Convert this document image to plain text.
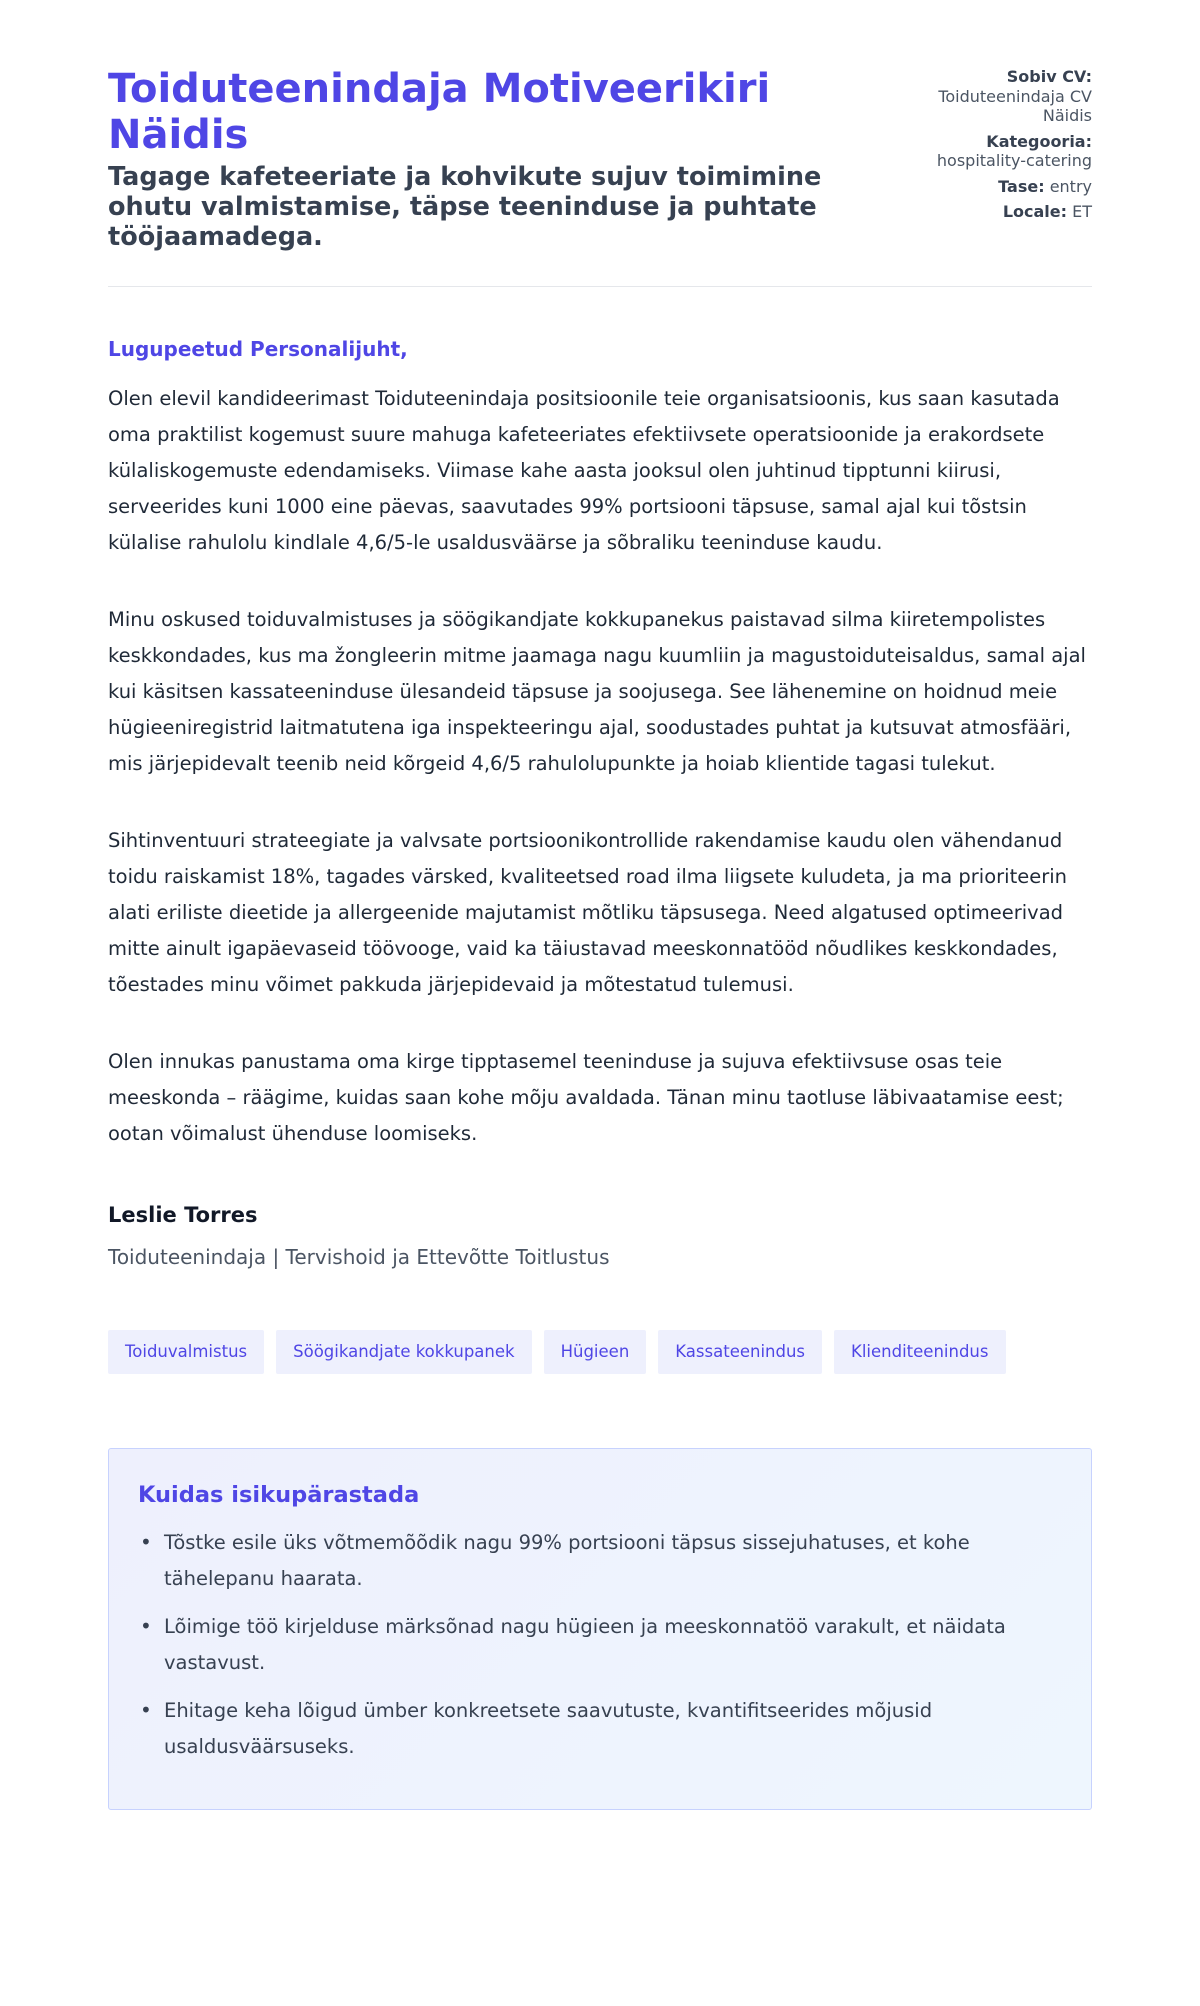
Toiduteenindaja Motiveerikiri Näidis
Tagage kafeteeriate ja kohvikute sujuv toimimine ohutu valmistamise, täpse teeninduse ja puhtate tööjaamadega.
Sobiv CV:
Toiduteenindaja CV Näidis
Kategooria:
hospitality-catering
Tase: entry
Locale: ET

Lugupeetud Personalijuht,

Olen elevil kandideerimast Toiduteenindaja positsioonile teie organisatsioonis, kus saan kasutada oma praktilist kogemust suure mahuga kafeteeriates efektiivsete operatsioonide ja erakordsete külaliskogemuste edendamiseks. Viimase kahe aasta jooksul olen juhtinud tipptunni kiirusi, serveerides kuni 1000 eine päevas, saavutades 99% portsiooni täpsuse, samal ajal kui tõstsin külalise rahulolu kindlale 4,6/5-le usaldusväärse ja sõbraliku teeninduse kaudu.

Minu oskused toiduvalmistuses ja söögikandjate kokkupanekus paistavad silma kiiretempolistes keskkondades, kus ma žongleerin mitme jaamaga nagu kuumliin ja magustoiduteisaldus, samal ajal kui käsitsen kassateeninduse ülesandeid täpsuse ja soojusega. See lähenemine on hoidnud meie hügieeniregistrid laitmatutena iga inspekteeringu ajal, soodustades puhtat ja kutsuvat atmosfääri, mis järjepidevalt teenib neid kõrgeid 4,6/5 rahulolupunkte ja hoiab klientide tagasi tulekut.

Sihtinventuuri strateegiate ja valvsate portsioonikontrollide rakendamise kaudu olen vähendanud toidu raiskamist 18%, tagades värsked, kvaliteetsed road ilma liigsete kuludeta, ja ma prioriteerin alati eriliste dieetide ja allergeenide majutamist mõtliku täpsusega. Need algatused optimeerivad mitte ainult igapäevaseid töövooge, vaid ka täiustavad meeskonnatööd nõudlikes keskkondades, tõestades minu võimet pakkuda järjepidevaid ja mõtestatud tulemusi.

Olen innukas panustama oma kirge tipptasemel teeninduse ja sujuva efektiivsuse osas teie meeskonda – räägime, kuidas saan kohe mõju avaldada. Tänan minu taotluse läbivaatamise eest; ootan võimalust ühenduse loomiseks.

Leslie Torres
Toiduteenindaja | Tervishoid ja Ettevõtte Toitlustus
Toiduvalmistus	Söögikandjate kokkupanek	Hügieen	Kassateenindus	Klienditeenindus
Kuidas isikupärastada
• Tõstke esile üks võtmemõõdik nagu 99% portsiooni täpsus sissejuhatuses, et kohe tähelepanu haarata.
• Lõimige töö kirjelduse märksõnad nagu hügieen ja meeskonnatöö varakult, et näidata vastavust.
• Ehitage keha lõigud ümber konkreetsete saavutuste, kvantifitseerides mõjusid usaldusväärsuseks.
